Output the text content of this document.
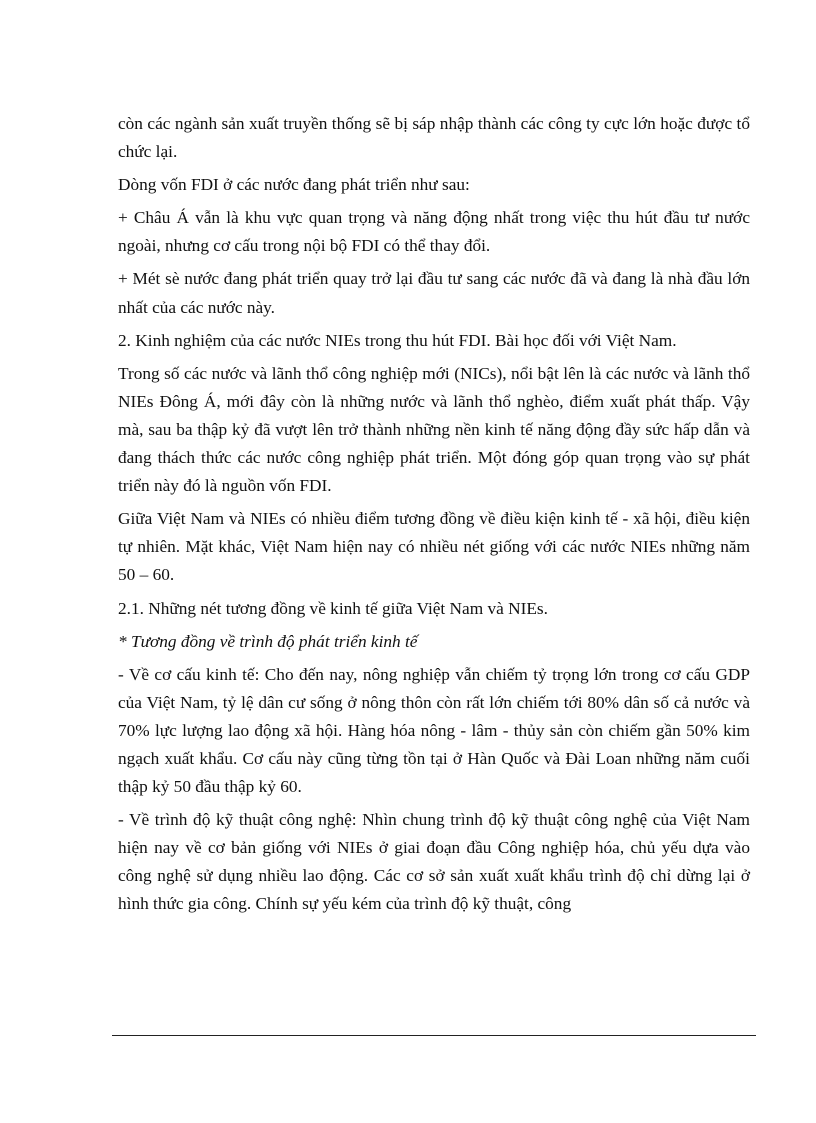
còn các ngành sản xuất truyền thống sẽ bị sáp nhập thành các công ty cực lớn hoặc được tổ chức lại.

Dòng vốn FDI ở các nước đang phát triển như sau:

+ Châu Á vẫn là khu vực quan trọng và năng động nhất trong việc thu hút đầu tư nước ngoài, nhưng cơ cấu trong nội bộ FDI có thể thay đổi.

+ Mét sè nước đang phát triển quay trở lại đầu tư sang các nước đã và đang là nhà đầu lớn nhất của các nước này.

2. Kinh nghiệm của các nước NIEs trong thu hút FDI. Bài học đối với Việt Nam.

Trong số các nước và lãnh thổ công nghiệp mới (NICs), nổi bật lên là các nước và lãnh thổ NIEs Đông Á, mới đây còn là những nước và lãnh thổ nghèo, điểm xuất phát thấp. Vậy mà, sau ba thập kỷ đã vượt lên trở thành những nền kinh tế năng động đầy sức hấp dẫn và đang thách thức các nước công nghiệp phát triển. Một đóng góp quan trọng vào sự phát triển này đó là nguồn vốn FDI.

Giữa Việt Nam và NIEs có nhiều điểm tương đồng về điều kiện kinh tế - xã hội, điều kiện tự nhiên. Mặt khác, Việt Nam hiện nay có nhiều nét giống với các nước NIEs những năm 50 – 60.

2.1. Những nét tương đồng về kinh tế giữa Việt Nam và NIEs.

* Tương đồng về trình độ phát triển kinh tế

- Về cơ cấu kinh tế: Cho đến nay, nông nghiệp vẫn chiếm tỷ trọng lớn trong cơ cấu GDP của Việt Nam, tỷ lệ dân cư sống ở nông thôn còn rất lớn chiếm tới 80% dân số cả nước và 70% lực lượng lao động xã hội. Hàng hóa nông - lâm - thủy sản còn chiếm gần 50% kim ngạch xuất khẩu. Cơ cấu này cũng từng tồn tại ở Hàn Quốc và Đài Loan những năm cuối thập kỷ 50 đầu thập kỷ 60.

- Về trình độ kỹ thuật công nghệ: Nhìn chung trình độ kỹ thuật công nghệ của Việt Nam hiện nay về cơ bản giống với NIEs ở giai đoạn đầu Công nghiệp hóa, chủ yếu dựa vào công nghệ sử dụng nhiều lao động. Các cơ sở sản xuất xuất khẩu trình độ chỉ dừng lại ở hình thức gia công. Chính sự yếu kém của trình độ kỹ thuật, công
